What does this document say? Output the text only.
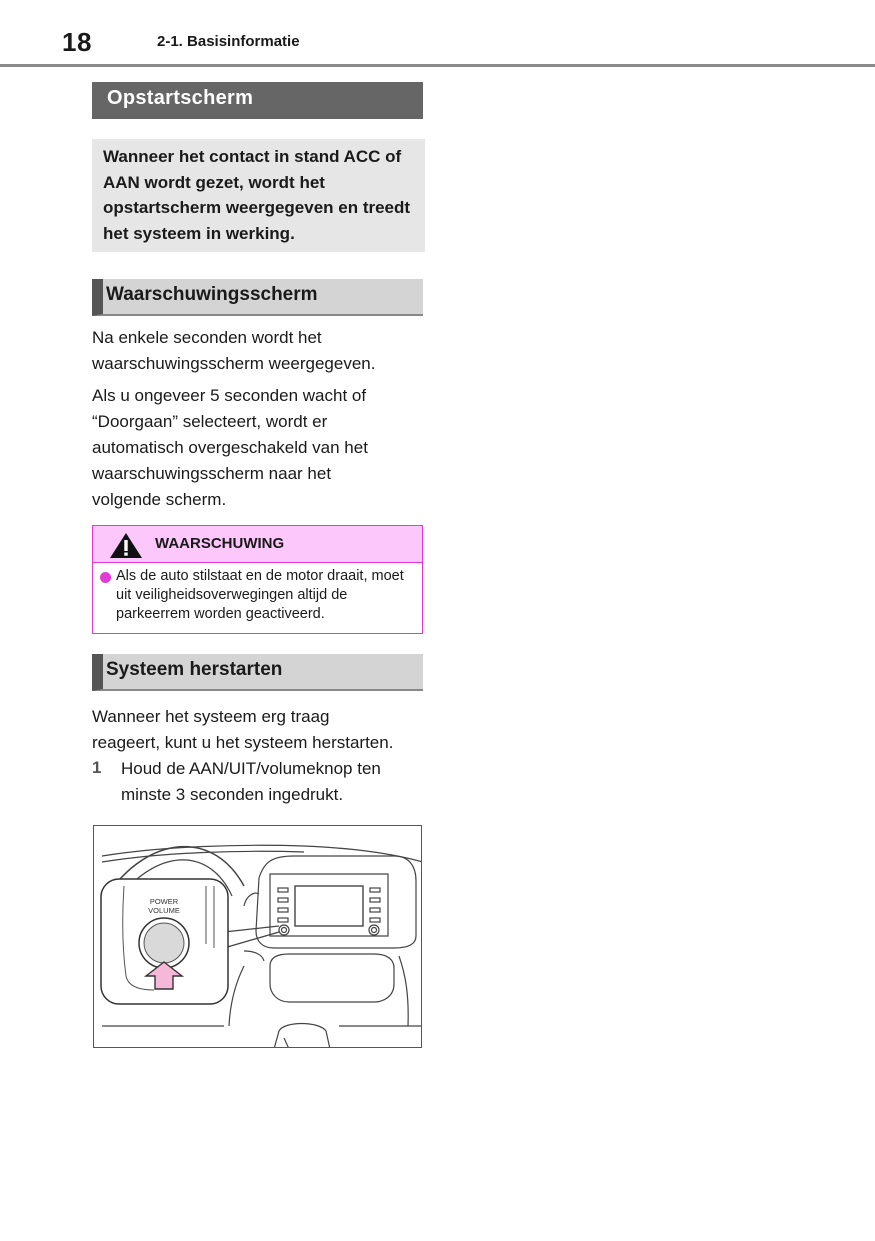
18	2-1. Basisinformatie
Opstartscherm
Wanneer het contact in stand ACC of AAN wordt gezet, wordt het opstartscherm weergegeven en treedt het systeem in werking.
Waarschuwingsscherm

Na enkele seconden wordt het waarschuwingsscherm weergegeven.

Als u ongeveer 5 seconden wacht of “Doorgaan” selecteert, wordt er automatisch overgeschakeld van het waarschuwingsscherm naar het volgende scherm.

WAARSCHUWING
Als de auto stilstaat en de motor draait, moet uit veiligheidsoverwegingen altijd de parkeerrem worden geactiveerd.
Systeem herstarten
Wanneer het systeem erg traag reageert, kunt u het systeem herstarten.
1 Houd de AAN/UIT/volumeknop ten minste 3 seconden ingedrukt.
POWER
VOLUME
